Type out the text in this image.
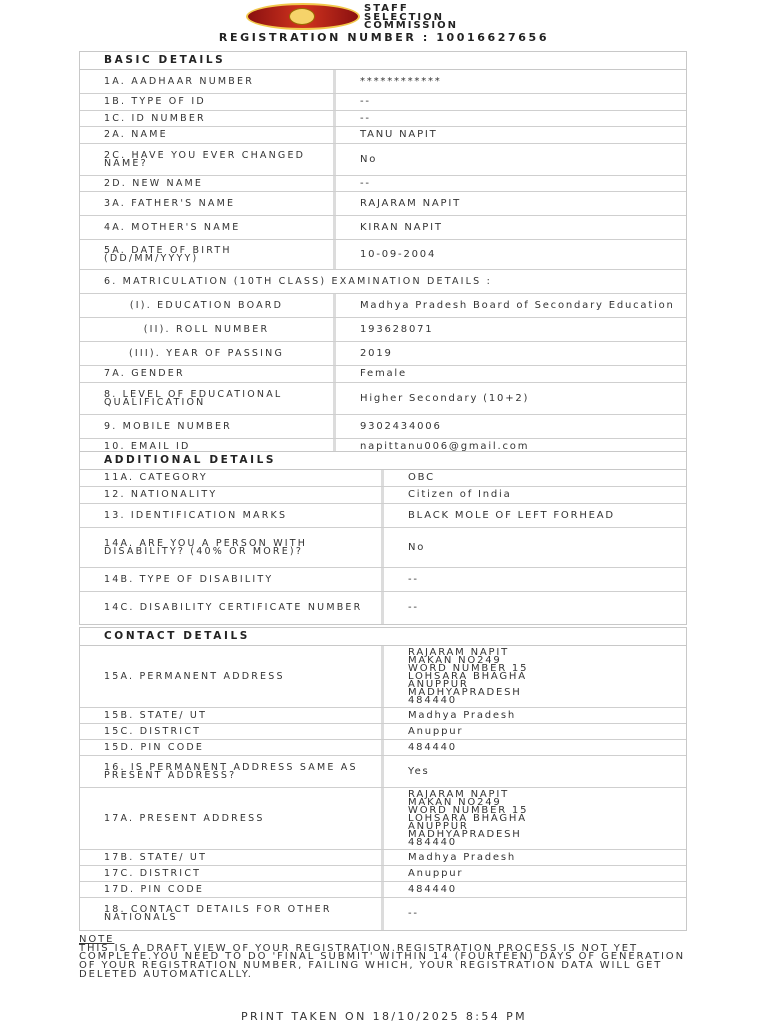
STAFF
SELECTION
COMMISSION
REGISTRATION NUMBER : 10016627656
BASIC DETAILS
1A. AADHAAR NUMBER	************
1B. TYPE OF ID	--
1C. ID NUMBER	--
2A. NAME	TANU NAPIT
2C. HAVE YOU EVER CHANGED NAME?	No
2D. NEW NAME	--
3A. FATHER'S NAME	RAJARAM NAPIT
4A. MOTHER'S NAME	KIRAN NAPIT
5A. DATE OF BIRTH (DD/MM/YYYY)	10-09-2004
6. MATRICULATION (10TH CLASS) EXAMINATION DETAILS :
(I). EDUCATION BOARD	Madhya Pradesh Board of Secondary Education
(II). ROLL NUMBER	193628071
(III). YEAR OF PASSING	2019
7A. GENDER	Female
8. LEVEL OF EDUCATIONAL QUALIFICATION	Higher Secondary (10+2)
9. MOBILE NUMBER	9302434006
10. EMAIL ID	napittanu006@gmail.com
ADDITIONAL DETAILS
11A. CATEGORY	OBC
12. NATIONALITY	Citizen of India
13. IDENTIFICATION MARKS	BLACK MOLE OF LEFT FORHEAD
14A. ARE YOU A PERSON WITH DISABILITY? (40% OR MORE)?	No
14B. TYPE OF DISABILITY	--
14C. DISABILITY CERTIFICATE NUMBER	--
CONTACT DETAILS
15A. PERMANENT ADDRESS
RAJARAM NAPIT
MAKAN NO249
WORD NUMBER 15
LOHSARA BHAGHA
ANUPPUR
MADHYAPRADESH
484440
15B. STATE/ UT	Madhya Pradesh
15C. DISTRICT	Anuppur
15D. PIN CODE	484440
16. IS PERMANENT ADDRESS SAME AS PRESENT ADDRESS?	Yes
17A. PRESENT ADDRESS
RAJARAM NAPIT
MAKAN NO249
WORD NUMBER 15
LOHSARA BHAGHA
ANUPPUR
MADHYAPRADESH
484440
17B. STATE/ UT	Madhya Pradesh
17C. DISTRICT	Anuppur
17D. PIN CODE	484440
18. CONTACT DETAILS FOR OTHER NATIONALS	--
NOTE
THIS IS A DRAFT VIEW OF YOUR REGISTRATION.REGISTRATION PROCESS IS NOT YET COMPLETE.YOU NEED TO DO 'FINAL SUBMIT' WITHIN 14 (FOURTEEN) DAYS OF GENERATION OF YOUR REGISTRATION NUMBER, FAILING WHICH, YOUR REGISTRATION DATA WILL GET DELETED AUTOMATICALLY.
PRINT TAKEN ON 18/10/2025 8:54 PM
